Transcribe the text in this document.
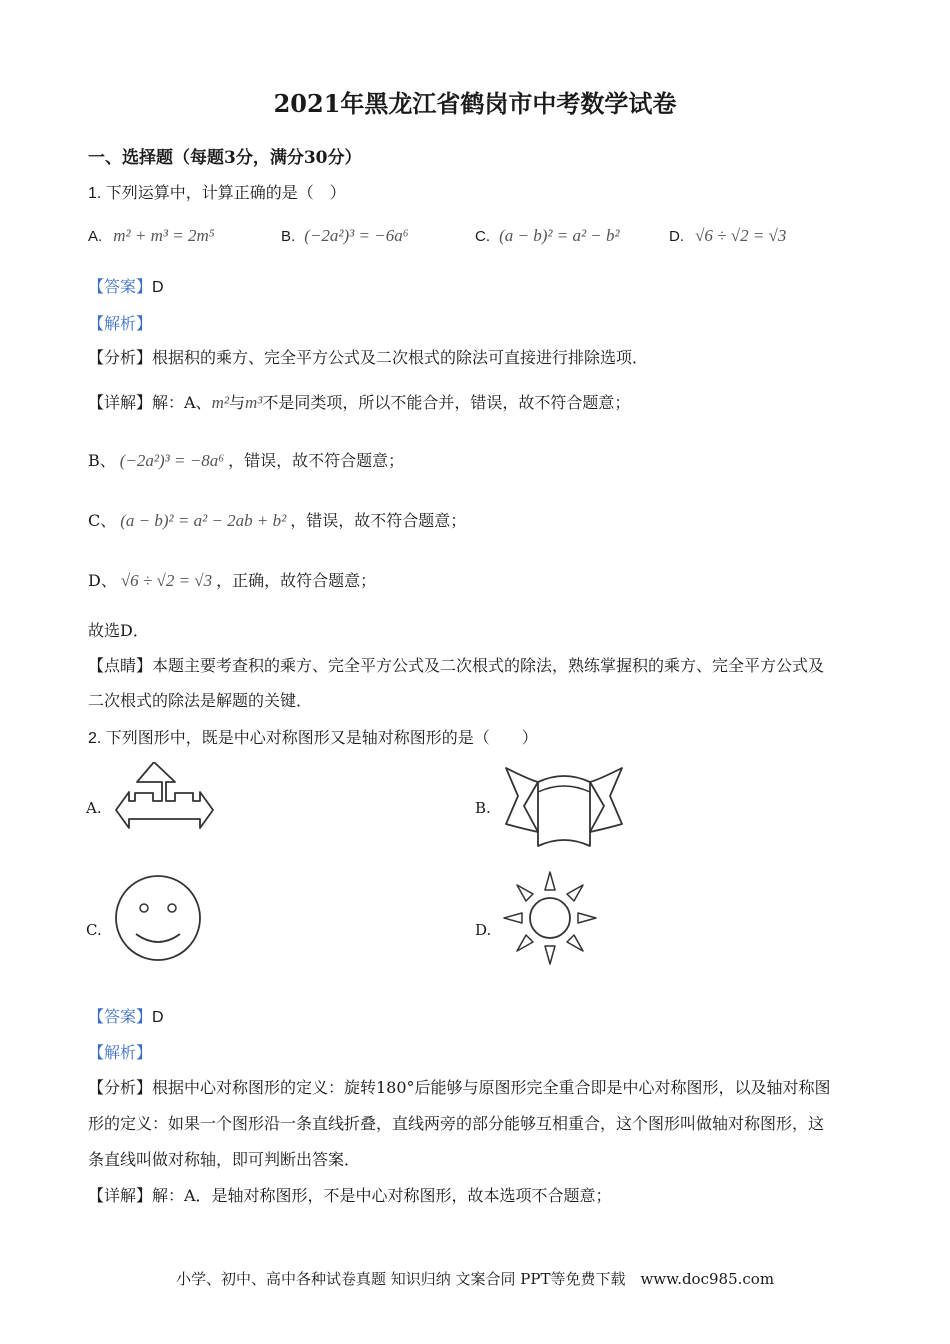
2021年黑龙江省鹤岗市中考数学试卷
一、选择题（每题3分，满分30分）
1. 下列运算中，计算正确的是（　）
A. m² + m³ = 2m⁵	B. (−2a²)³ = −6a⁶	C. (a − b)² = a² − b²	D. √6 ÷ √2 = √3
【答案】D
【解析】
【分析】根据积的乘方、完全平方公式及二次根式的除法可直接进行排除选项．
【详解】解：A、m²与m³不是同类项，所以不能合并，错误，故不符合题意；
B、 (−2a²)³ = −8a⁶ ，错误，故不符合题意；
C、 (a − b)² = a² − 2ab + b² ，错误，故不符合题意；
D、 √6 ÷ √2 = √3 ，正确，故符合题意；
故选D．
【点睛】本题主要考查积的乘方、完全平方公式及二次根式的除法，熟练掌握积的乘方、完全平方公式及
二次根式的除法是解题的关键．
2. 下列图形中，既是中心对称图形又是轴对称图形的是（　　）
A.	B.
C.	D.
【答案】D
【解析】
【分析】根据中心对称图形的定义：旋转180°后能够与原图形完全重合即是中心对称图形，以及轴对称图
形的定义：如果一个图形沿一条直线折叠，直线两旁的部分能够互相重合，这个图形叫做轴对称图形，这
条直线叫做对称轴，即可判断出答案．
【详解】解：A．是轴对称图形，不是中心对称图形，故本选项不合题意；
小学、初中、高中各种试卷真题 知识归纳 文案合同 PPT等免费下载　www.doc985.com
